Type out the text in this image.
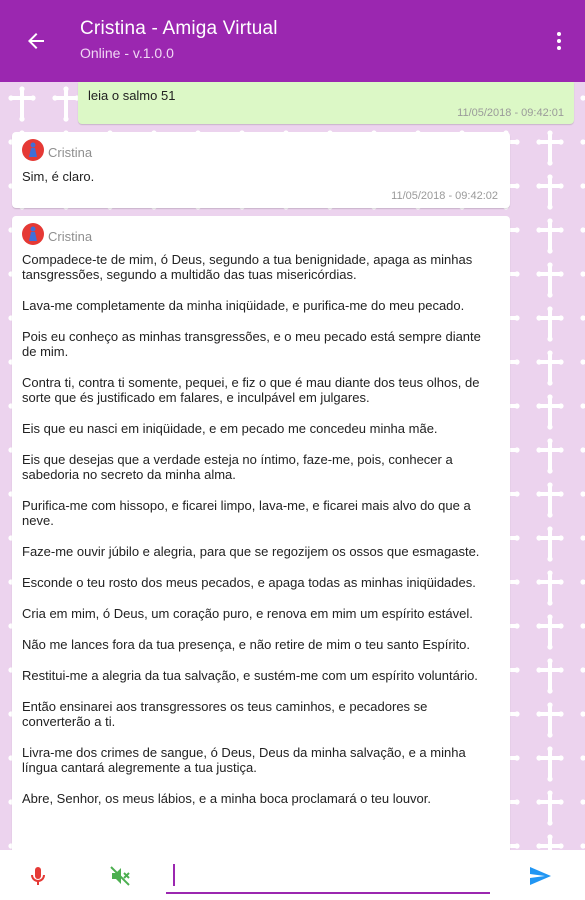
Cristina - Amiga Virtual
Online - v.1.0.0
leia o salmo 51
11/05/2018 - 09:42:01
Cristina
Sim, é claro.
11/05/2018 - 09:42:02
Cristina
Compadece-te de mim, ó Deus, segundo a tua benignidade, apaga as minhas tansgressões, segundo a multidão das tuas misericórdias.
Lava-me completamente da minha iniqüidade, e purifica-me do meu pecado.
Pois eu conheço as minhas transgressões, e o meu pecado está sempre diante de mim.
Contra ti, contra ti somente, pequei, e fiz o que é mau diante dos teus olhos, de sorte que és justificado em falares, e inculpável em julgares.
Eis que eu nasci em iniqüidade, e em pecado me concedeu minha mãe.
Eis que desejas que a verdade esteja no íntimo, faze-me, pois, conhecer a sabedoria no secreto da minha alma.
Purifica-me com hissopo, e ficarei limpo, lava-me, e ficarei mais alvo do que a neve.
Faze-me ouvir júbilo e alegria, para que se regozijem os ossos que esmagaste.
Esconde o teu rosto dos meus pecados, e apaga todas as minhas iniqüidades.
Cria em mim, ó Deus, um coração puro, e renova em mim um espírito estável.
Não me lances fora da tua presença, e não retire de mim o teu santo Espírito.
Restitui-me a alegria da tua salvação, e sustém-me com um espírito voluntário.
Então ensinarei aos transgressores os teus caminhos, e pecadores se converterão a ti.
Livra-me dos crimes de sangue, ó Deus, Deus da minha salvação, e a minha língua cantará alegremente a tua justiça.
Abre, Senhor, os meus lábios, e a minha boca proclamará o teu louvor.
